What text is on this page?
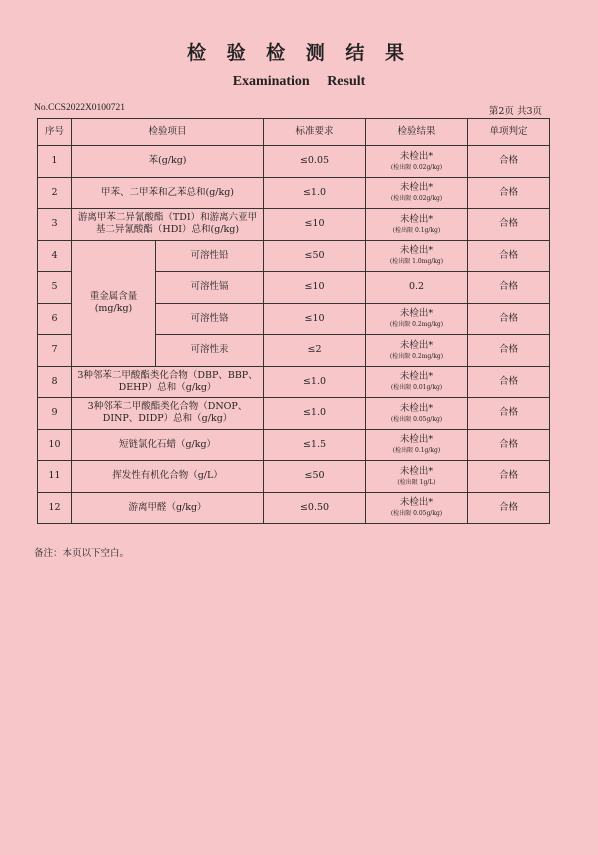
检 验 检 测 结 果
Examination Result
No.CCS2022X0100721	第2页 共3页
序号	检验项目		标准要求	检验结果	单项判定
1	苯(g/kg)		≤0.05	未检出*
(检出限 0.02g/kg)	合格
2	甲苯、二甲苯和乙苯总和(g/kg)		≤1.0	未检出*
(检出限 0.02g/kg)	合格
3	游离甲苯二异氰酸酯（TDI）和游离六亚甲基二异氰酸酯（HDI）总和(g/kg)		≤10	未检出*
(检出限 0.1g/kg)	合格
4	重金属含量
(mg/kg)	可溶性铅	≤50	未检出*
(检出限 1.0mg/kg)	合格
5		可溶性镉	≤10	0.2	合格
6		可溶性铬	≤10	未检出*
(检出限 0.2mg/kg)	合格
7		可溶性汞	≤2	未检出*
(检出限 0.2mg/kg)	合格
8	3种邻苯二甲酸酯类化合物（DBP、BBP、DEHP）总和（g/kg）		≤1.0	未检出*
(检出限 0.01g/kg)	合格
9	3种邻苯二甲酸酯类化合物（DNOP、DINP、DIDP）总和（g/kg）		≤1.0	未检出*
(检出限 0.05g/kg)	合格
10	短链氯化石蜡（g/kg）		≤1.5	未检出*
(检出限 0.1g/kg)	合格
11	挥发性有机化合物（g/L）		≤50	未检出*
(检出限 1g/L)	合格
12	游离甲醛（g/kg）		≤0.50	未检出*
(检出限 0.05g/kg)	合格
备注：本页以下空白。
